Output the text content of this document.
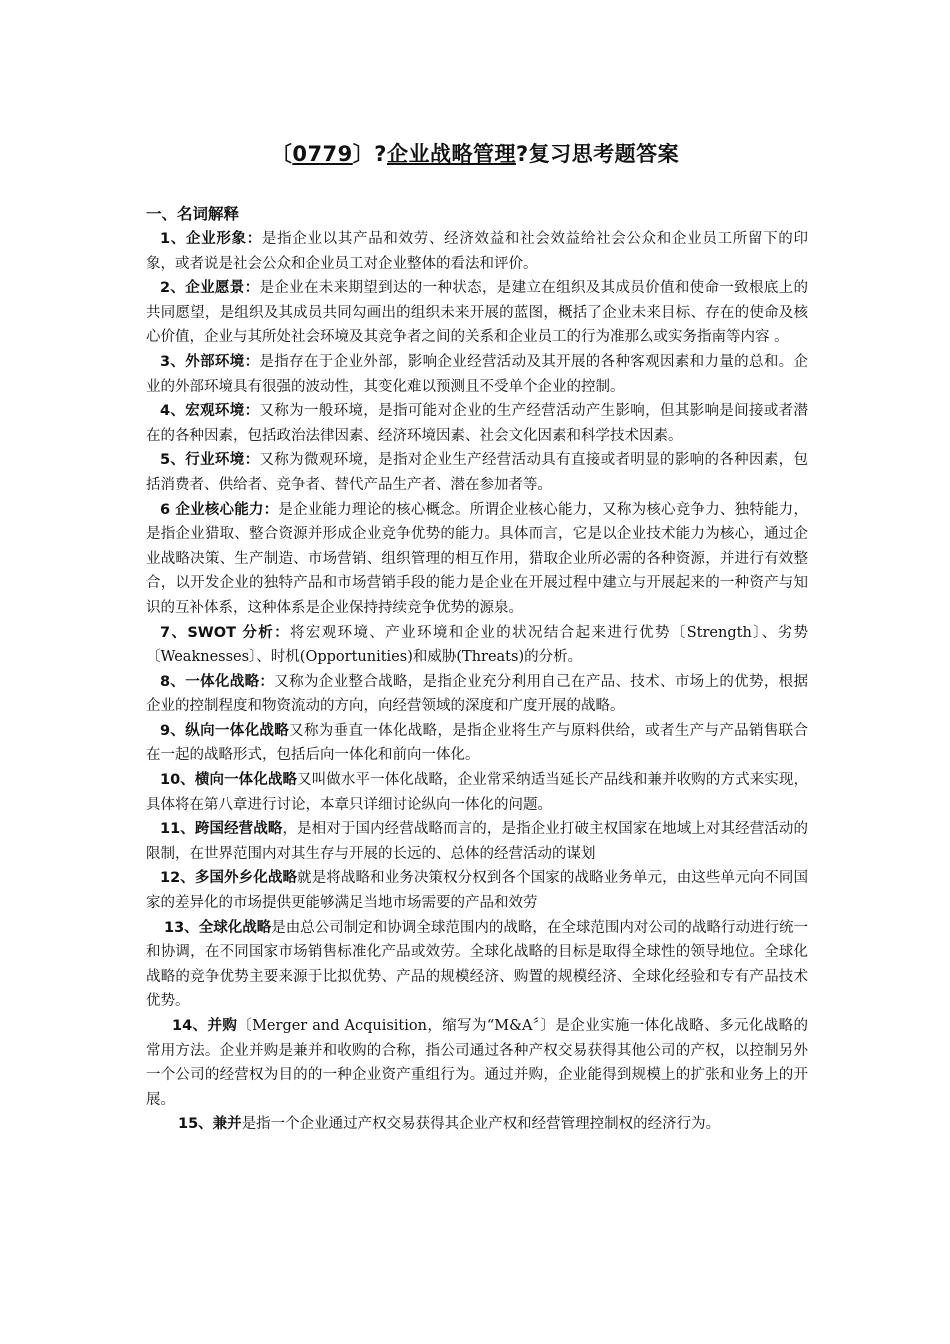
〔0779〕?企业战略管理?复习思考题答案

一、名词解释

1、企业形象：是指企业以其产品和效劳、经济效益和社会效益给社会公众和企业员工所留下的印象，或者说是社会公众和企业员工对企业整体的看法和评价。

2、企业愿景：是企业在未来期望到达的一种状态，是建立在组织及其成员价值和使命一致根底上的共同愿望，是组织及其成员共同勾画出的组织未来开展的蓝图，概括了企业未来目标、存在的使命及核心价值，企业与其所处社会环境及其竞争者之间的关系和企业员工的行为准那么或实务指南等内容 。

3、外部环境：是指存在于企业外部，影响企业经营活动及其开展的各种客观因素和力量的总和。企业的外部环境具有很强的波动性，其变化难以预测且不受单个企业的控制。

4、宏观环境：又称为一般环境，是指可能对企业的生产经营活动产生影响，但其影响是间接或者潜在的各种因素，包括政治法律因素、经济环境因素、社会文化因素和科学技术因素。

5、行业环境：又称为微观环境，是指对企业生产经营活动具有直接或者明显的影响的各种因素，包括消费者、供给者、竞争者、替代产品生产者、潜在参加者等。

6 企业核心能力：是企业能力理论的核心概念。所谓企业核心能力，又称为核心竞争力、独特能力，是指企业猎取、整合资源并形成企业竞争优势的能力。具体而言，它是以企业技术能力为核心，通过企业战略决策、生产制造、市场营销、组织管理的相互作用，猎取企业所必需的各种资源，并进行有效整合，以开发企业的独特产品和市场营销手段的能力是企业在开展过程中建立与开展起来的一种资产与知识的互补体系，这种体系是企业保持持续竞争优势的源泉。

7、SWOT 分析：将宏观环境、产业环境和企业的状况结合起来进行优势〔Strength〕、劣势〔Weaknesses〕、时机(Opportunities)和威胁(Threats)的分析。

8、一体化战略：又称为企业整合战略，是指企业充分利用自己在产品、技术、市场上的优势，根据企业的控制程度和物资流动的方向，向经营领域的深度和广度开展的战略。

9、纵向一体化战略又称为垂直一体化战略，是指企业将生产与原料供给，或者生产与产品销售联合在一起的战略形式，包括后向一体化和前向一体化。

10、横向一体化战略又叫做水平一体化战略，企业常采纳适当延长产品线和兼并收购的方式来实现，具体将在第八章进行讨论，本章只详细讨论纵向一体化的问题。

11、跨国经营战略，是相对于国内经营战略而言的，是指企业打破主权国家在地域上对其经营活动的限制，在世界范围内对其生存与开展的长远的、总体的经营活动的谋划

12、多国外乡化战略就是将战略和业务决策权分权到各个国家的战略业务单元，由这些单元向不同国家的差异化的市场提供更能够满足当地市场需要的产品和效劳

13、全球化战略是由总公司制定和协调全球范围内的战略，在全球范围内对公司的战略行动进行统一和协调，在不同国家市场销售标准化产品或效劳。全球化战略的目标是取得全球性的领导地位。全球化战略的竞争优势主要来源于比拟优势、产品的规模经济、购置的规模经济、全球化经验和专有产品技术优势。

14、并购〔Merger and Acquisition，缩写为“M&A〞〕是企业实施一体化战略、多元化战略的常用方法。企业并购是兼并和收购的合称，指公司通过各种产权交易获得其他公司的产权，以控制另外一个公司的经营权为目的的一种企业资产重组行为。通过并购，企业能得到规模上的扩张和业务上的开展。

15、兼并是指一个企业通过产权交易获得其企业产权和经营管理控制权的经济行为。
